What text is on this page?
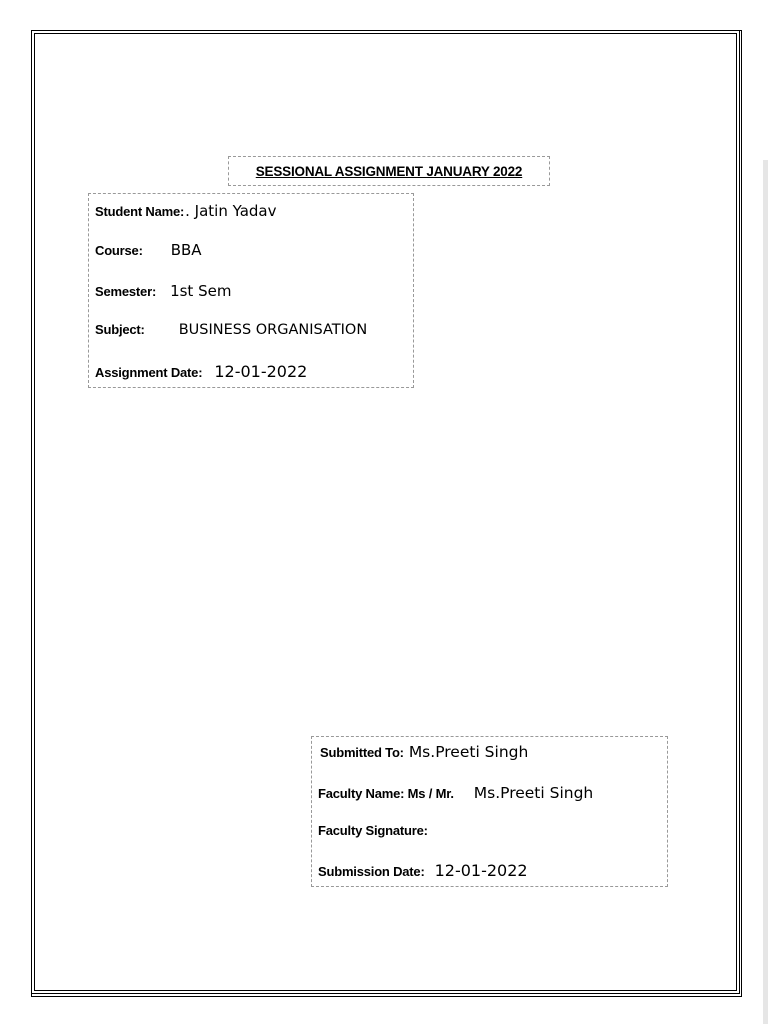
SESSIONAL ASSIGNMENT JANUARY 2022
Student Name: . Jatin Yadav
Course: BBA
Semester: 1st Sem
Subject: BUSINESS ORGANISATION
Assignment Date: 12-01-2022
Submitted To: Ms.Preeti Singh
Faculty Name: Ms / Mr. Ms.Preeti Singh
Faculty Signature:
Submission Date: 12-01-2022
